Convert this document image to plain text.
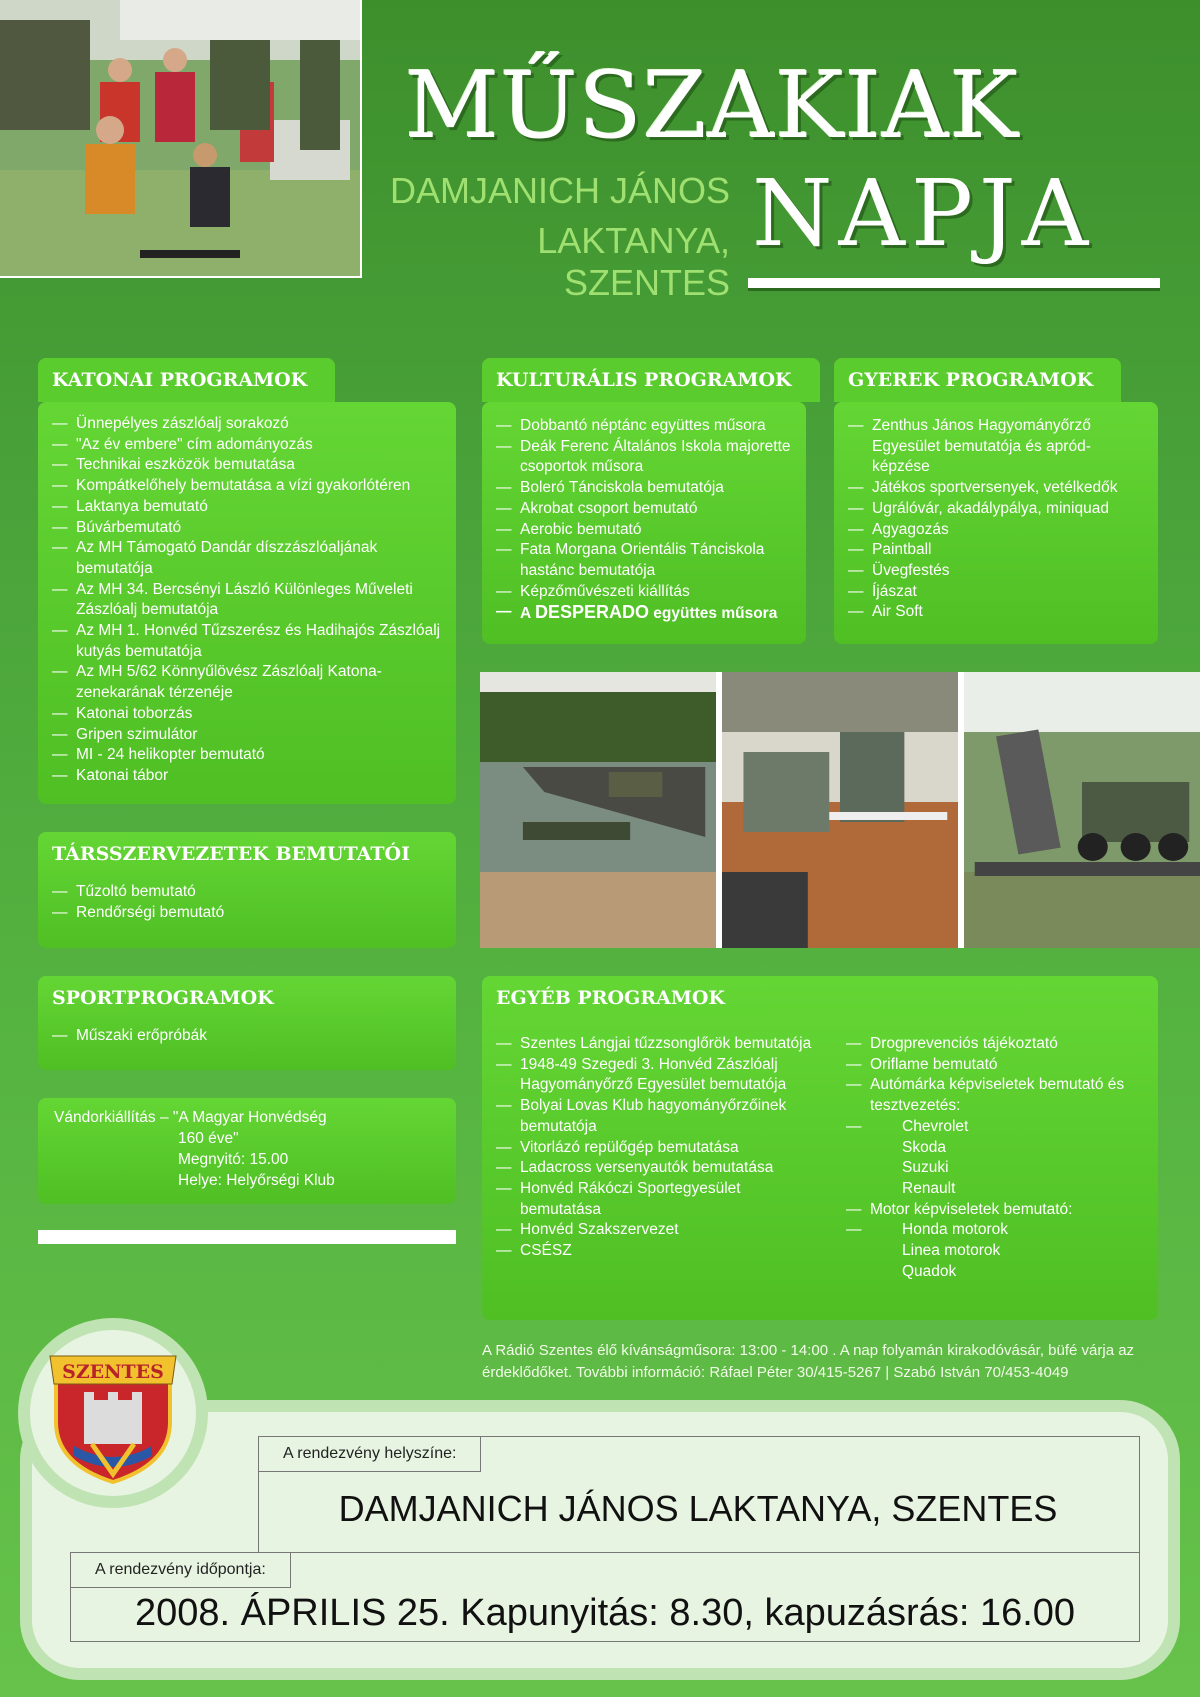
MŰSZAKIAK
DAMJANICH JÁNOS
LAKTANYA, SZENTES
NAPJA
KATONAI PROGRAMOK
— Ünnepélyes zászlóalj sorakozó
— "Az év embere" cím adományozás
— Technikai eszközök bemutatása
— Kompátkelőhely bemutatása a vízi gyakorlótéren
— Laktanya bemutató
— Búvárbemutató
— Az MH Támogató Dandár díszzászlóaljának bemutatója
— Az MH 34. Bercsényi László Különleges Műveleti Zászlóalj bemutatója
— Az MH 1. Honvéd Tűzszerész és Hadihajós Zászlóalj kutyás bemutatója
— Az MH 5/62 Könnyűlövész Zászlóalj Katona-zenekarának térzenéje
— Katonai toborzás
— Gripen szimulátor
— MI - 24 helikopter bemutató
— Katonai tábor
KULTURÁLIS PROGRAMOK
— Dobbantó néptánc együttes műsora
— Deák Ferenc Általános Iskola majorette csoportok műsora
— Boleró Tánciskola bemutatója
— Akrobat csoport bemutató
— Aerobic bemutató
— Fata Morgana Orientális Tánciskola hastánc bemutatója
— Képzőművészeti kiállítás
— A DESPERADO együttes műsora
GYEREK PROGRAMOK
— Zenthus János Hagyományőrző Egyesület bemutatója és apród-képzése
— Játékos sportversenyek, vetélkedők
— Ugrálóvár, akadálypálya, miniquad
— Agyagozás
— Paintball
— Üvegfestés
— Íjászat
— Air Soft
TÁRSSZERVEZETEK BEMUTATÓI
— Tűzoltó bemutató
— Rendőrségi bemutató
SPORTPROGRAMOK
— Műszaki erőpróbák
Vándorkiállítás – "A Magyar Honvédség
160 éve"
Megnyitó: 15.00
Helye: Helyőrségi Klub
EGYÉB PROGRAMOK
— Szentes Lángjai tűzzsonglőrök bemutatója
— 1948-49 Szegedi 3. Honvéd Zászlóalj Hagyományőrző Egyesület bemutatója
— Bolyai Lovas Klub hagyományőrzőinek bemutatója
— Vitorlázó repülőgép bemutatása
— Ladacross versenyautók bemutatása
— Honvéd Rákóczi Sportegyesület bemutatása
— Honvéd Szakszervezet
— CSÉSZ
— Drogprevenciós tájékoztató
— Oriflame bemutató
— Autómárka képviseletek bemutató és tesztvezetés:
— Chevrolet
Skoda
Suzuki
Renault
— Motor képviseletek bemutató:
— Honda motorok
Linea motorok
Quadok
A Rádió Szentes élő kívánságműsora: 13:00 - 14:00 . A nap folyamán kirakodóvásár, büfé várja az érdeklődőket. További információ: Ráfael Péter 30/415-5267 | Szabó István 70/453-4049
SZENTES
A rendezvény helyszíne:
DAMJANICH JÁNOS LAKTANYA, SZENTES
A rendezvény időpontja:
2008. ÁPRILIS 25. Kapunyitás: 8.30, kapuzásrás: 16.00
